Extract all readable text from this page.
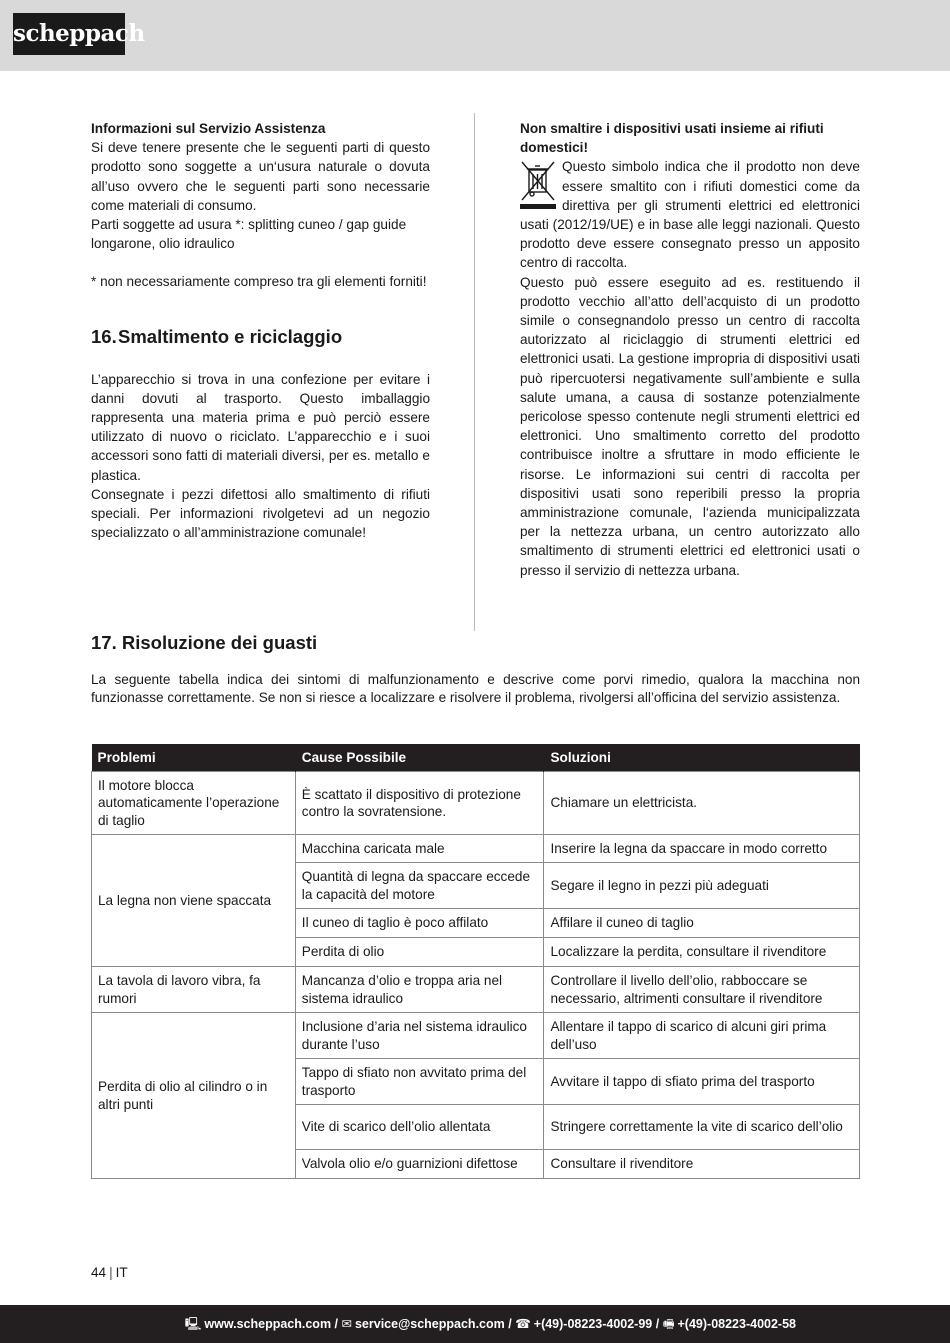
scheppach

Informazioni sul Servizio Assistenza

Si deve tenere presente che le seguenti parti di questo prodotto sono soggette a un‘usura naturale o dovuta all’uso ovvero che le seguenti parti sono necessarie come materiali di consumo.

Parti soggette ad usura *: splitting cuneo / gap guide longarone, olio idraulico

* non necessariamente compreso tra gli elementi forniti!

16.Smaltimento e riciclaggio

L’apparecchio si trova in una confezione per evitare i danni dovuti al trasporto. Questo imballaggio rappresenta una materia prima e può perciò essere utilizzato di nuovo o riciclato. L’apparecchio e i suoi accessori sono fatti di materiali diversi, per es. metallo e plastica.

Consegnate i pezzi difettosi allo smaltimento di rifiuti speciali. Per informazioni rivolgetevi ad un negozio specializzato o all’amministrazione comunale!

Non smaltire i dispositivi usati insieme ai rifiuti domestici!

Questo simbolo indica che il prodotto non deve essere smaltito con i rifiuti domestici come da direttiva per gli strumenti elettrici ed elettronici usati (2012/19/UE) e in base alle leggi nazionali. Questo prodotto deve essere consegnato presso un apposito centro di raccolta.

Questo può essere eseguito ad es. restituendo il prodotto vecchio all’atto dell’acquisto di un prodotto simile o consegnandolo presso un centro di raccolta autorizzato al riciclaggio di strumenti elettrici ed elettronici usati. La gestione impropria di dispositivi usati può ripercuotersi negativamente sull’ambiente e sulla salute umana, a causa di sostanze potenzialmente pericolose spesso contenute negli strumenti elettrici ed elettronici. Uno smaltimento corretto del prodotto contribuisce inoltre a sfruttare in modo efficiente le risorse. Le informazioni sui centri di raccolta per dispositivi usati sono reperibili presso la propria amministrazione comunale, l‘azienda municipalizzata per la nettezza urbana, un centro autorizzato allo smaltimento di strumenti elettrici ed elettronici usati o presso il servizio di nettezza urbana.

17. Risoluzione dei guasti

La seguente tabella indica dei sintomi di malfunzionamento e descrive come porvi rimedio, qualora la macchina non funzionasse correttamente. Se non si riesce a localizzare e risolvere il problema, rivolgersi all’officina del servizio assistenza.

Problemi	Cause Possibile	Soluzioni
Il motore blocca automaticamente l’operazione di taglio	È scattato il dispositivo di protezione contro la sovratensione.	Chiamare un elettricista.
La legna non viene spaccata	Macchina caricata male	Inserire la legna da spaccare in modo corretto
	Quantità di legna da spaccare eccede la capacità del motore	Segare il legno in pezzi più adeguati
	Il cuneo di taglio è poco affilato	Affilare il cuneo di taglio
	Perdita di olio	Localizzare la perdita, consultare il rivenditore
La tavola di lavoro vibra, fa rumori	Mancanza d’olio e troppa aria nel sistema idraulico	Controllare il livello dell’olio, rabboccare se necessario, altrimenti consultare il rivenditore
Perdita di olio al cilindro o in altri punti	Inclusione d’aria nel sistema idraulico durante l’uso	Allentare il tappo di scarico di alcuni giri prima dell’uso
	Tappo di sfiato non avvitato prima del trasporto	Avvitare il tappo di sfiato prima del trasporto
	Vite di scarico dell’olio allentata	Stringere correttamente la vite di scarico dell’olio
	Valvola olio e/o guarnizioni difettose	Consultare il rivenditore
44 | IT
🖳 www.scheppach.com / ✉ service@scheppach.com / ☎ +(49)-08223-4002-99 / 🖷 +(49)-08223-4002-58
